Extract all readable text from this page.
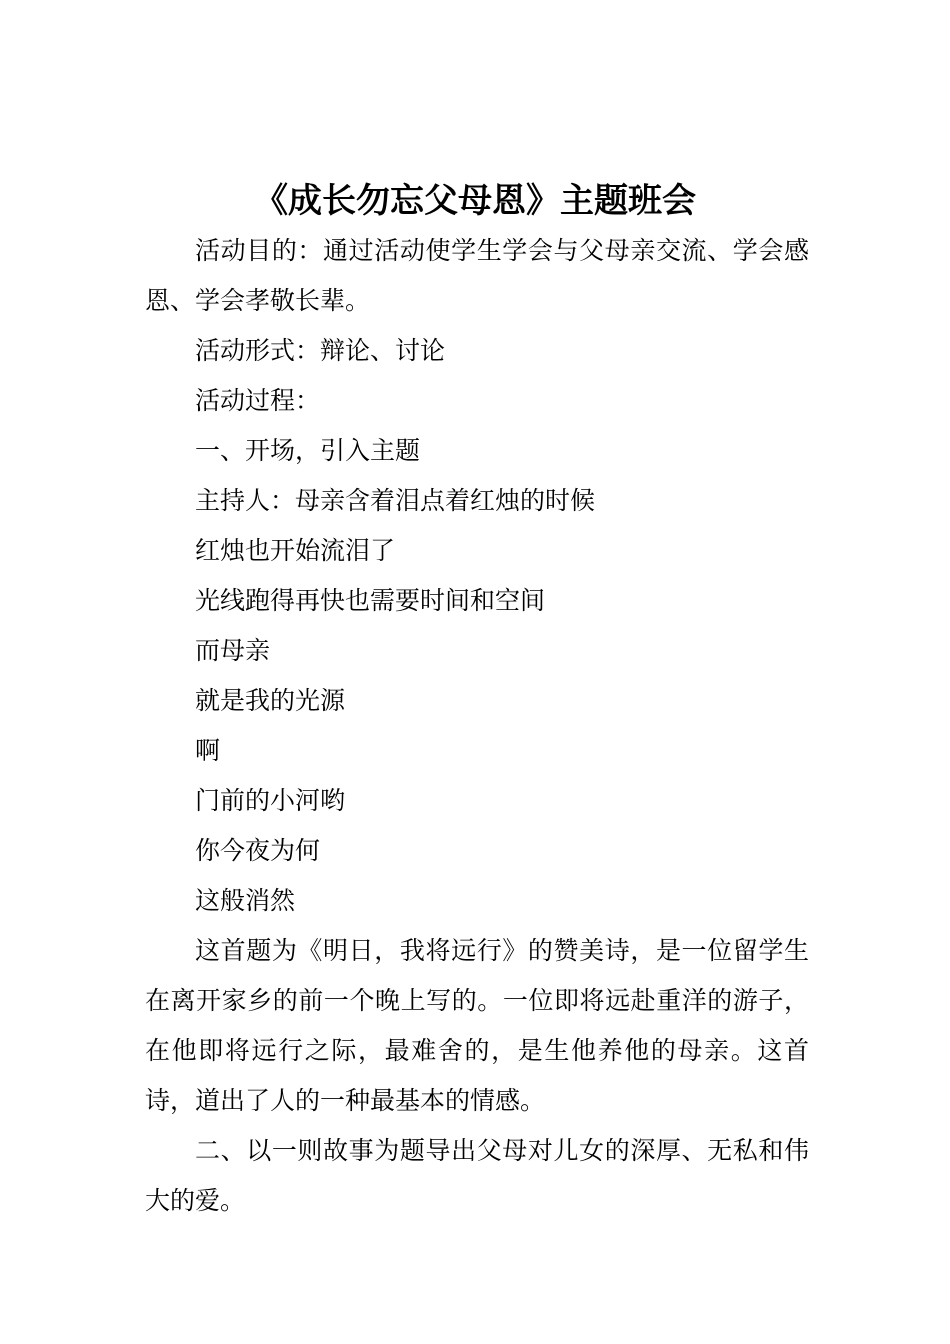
《成长勿忘父母恩》主题班会

活动目的：通过活动使学生学会与父母亲交流、学会感恩、学会孝敬长辈。

活动形式：辩论、讨论

活动过程：

一、开场，引入主题

主持人：母亲含着泪点着红烛的时候

红烛也开始流泪了

光线跑得再快也需要时间和空间

而母亲

就是我的光源

啊

门前的小河哟

你今夜为何

这般消然

这首题为《明日，我将远行》的赞美诗，是一位留学生在离开家乡的前一个晚上写的。一位即将远赴重洋的游子，在他即将远行之际，最难舍的，是生他养他的母亲。这首诗，道出了人的一种最基本的情感。

二、以一则故事为题导出父母对儿女的深厚、无私和伟大的爱。
